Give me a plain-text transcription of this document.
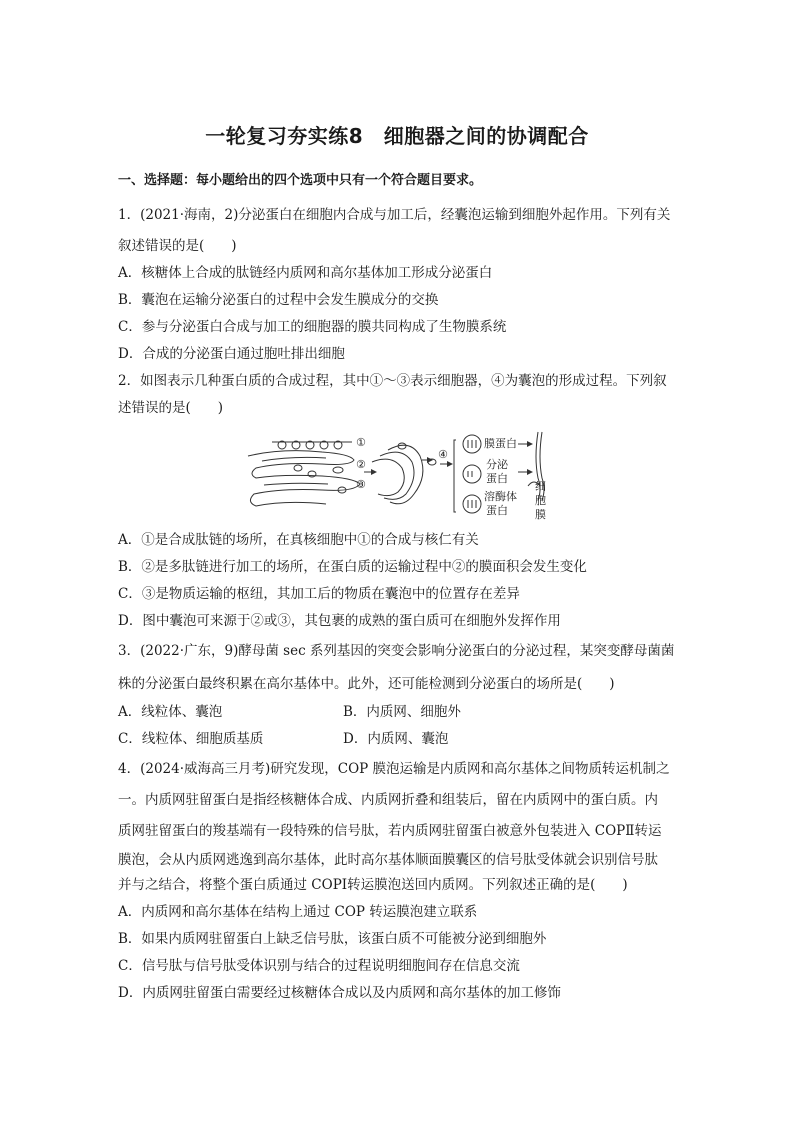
一轮复习夯实练8　细胞器之间的协调配合
一、选择题：每小题给出的四个选项中只有一个符合题目要求。
1．(2021·海南，2)分泌蛋白在细胞内合成与加工后，经囊泡运输到细胞外起作用。下列有关
叙述错误的是(　　)
A．核糖体上合成的肽链经内质网和高尔基体加工形成分泌蛋白
B．囊泡在运输分泌蛋白的过程中会发生膜成分的交换
C．参与分泌蛋白合成与加工的细胞器的膜共同构成了生物膜系统
D．合成的分泌蛋白通过胞吐排出细胞
2．如图表示几种蛋白质的合成过程，其中①～③表示细胞器，④为囊泡的形成过程。下列叙
述错误的是(　　)
①
②
③
④
膜蛋白
分泌
蛋白
溶酶体
蛋白
细
胞
膜
A．①是合成肽链的场所，在真核细胞中①的合成与核仁有关
B．②是多肽链进行加工的场所，在蛋白质的运输过程中②的膜面积会发生变化
C．③是物质运输的枢纽，其加工后的物质在囊泡中的位置存在差异
D．图中囊泡可来源于②或③，其包裹的成熟的蛋白质可在细胞外发挥作用
3．(2022·广东，9)酵母菌 sec 系列基因的突变会影响分泌蛋白的分泌过程，某突变酵母菌菌
株的分泌蛋白最终积累在高尔基体中。此外，还可能检测到分泌蛋白的场所是(　　)
A．线粒体、囊泡	B．内质网、细胞外
C．线粒体、细胞质基质	D．内质网、囊泡
4．(2024·威海高三月考)研究发现，COP 膜泡运输是内质网和高尔基体之间物质转运机制之
一。内质网驻留蛋白是指经核糖体合成、内质网折叠和组装后，留在内质网中的蛋白质。内
质网驻留蛋白的羧基端有一段特殊的信号肽，若内质网驻留蛋白被意外包装进入 COPⅡ转运
膜泡，会从内质网逃逸到高尔基体，此时高尔基体顺面膜囊区的信号肽受体就会识别信号肽
并与之结合，将整个蛋白质通过 COPⅠ转运膜泡送回内质网。下列叙述正确的是(　　)
A．内质网和高尔基体在结构上通过 COP 转运膜泡建立联系
B．如果内质网驻留蛋白上缺乏信号肽，该蛋白质不可能被分泌到细胞外
C．信号肽与信号肽受体识别与结合的过程说明细胞间存在信息交流
D．内质网驻留蛋白需要经过核糖体合成以及内质网和高尔基体的加工修饰
